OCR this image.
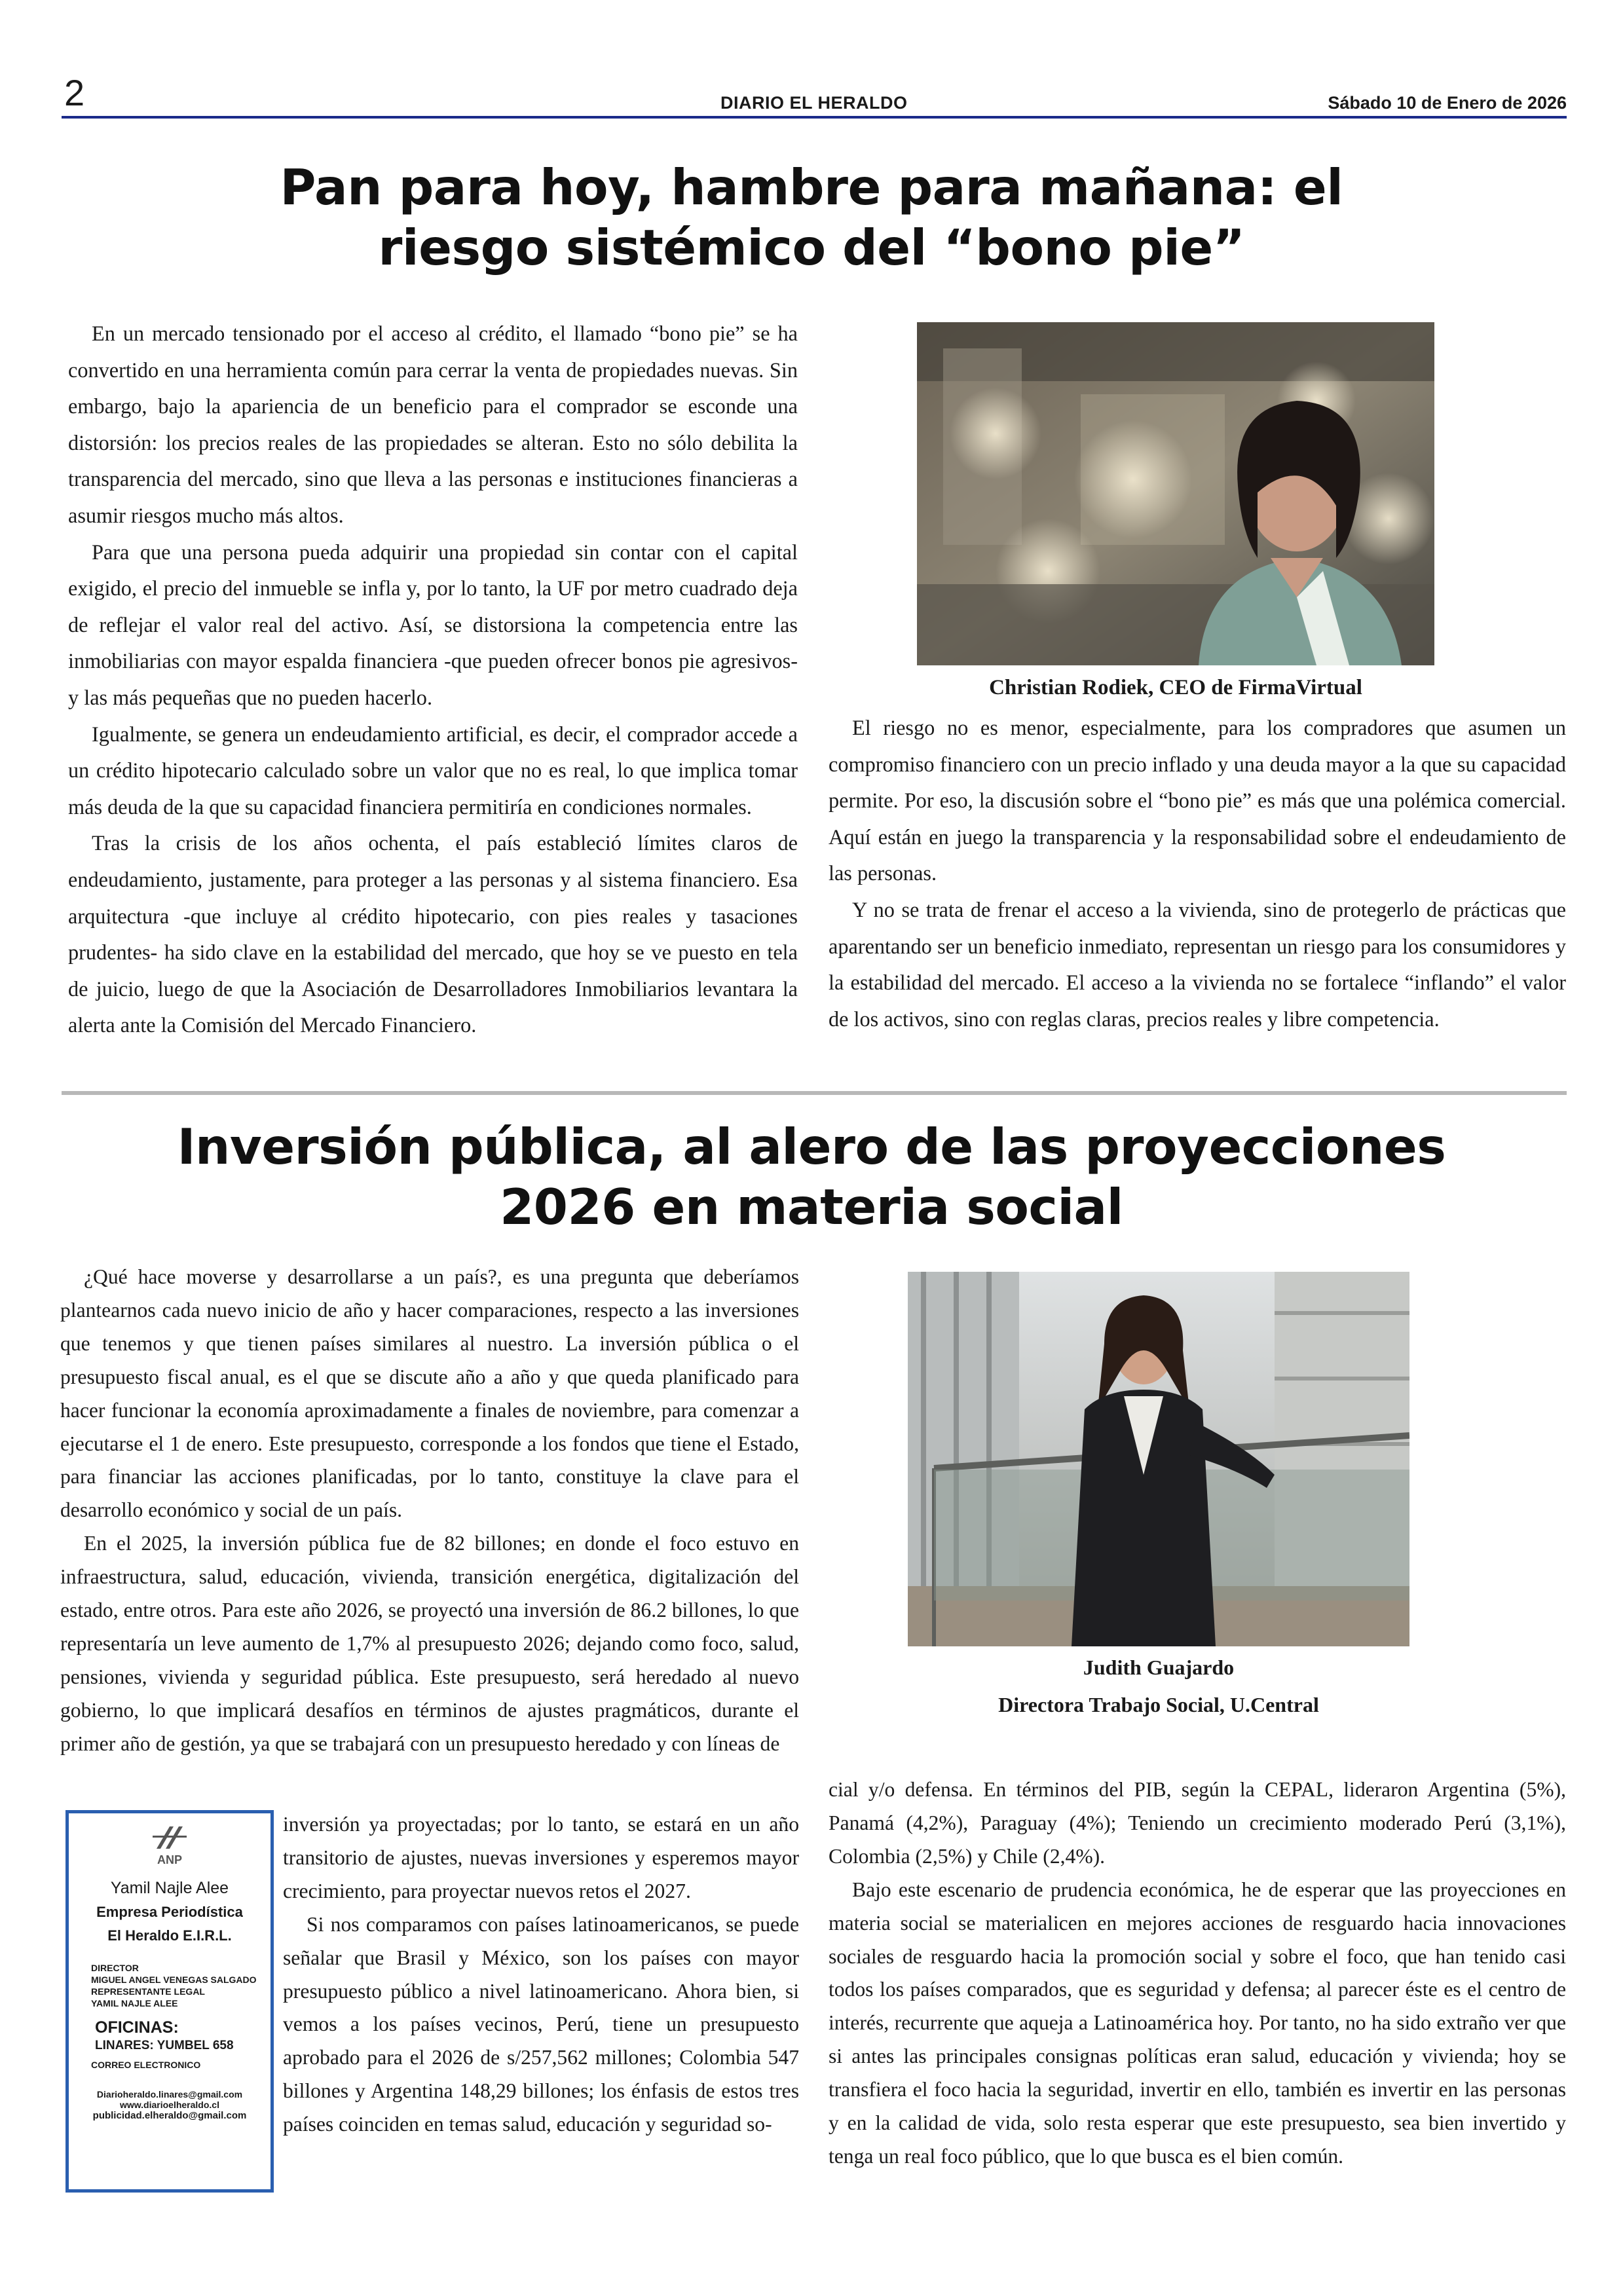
2	DIARIO EL HERALDO	Sábado 10 de Enero de 2026
Pan para hoy, hambre para mañana: el
riesgo sistémico del “bono pie”

En un mercado tensionado por el acceso al crédito, el llamado “bono pie” se ha convertido en una herramienta común para cerrar la venta de propiedades nuevas. Sin embargo, bajo la apariencia de un beneficio para el comprador se esconde una distorsión: los precios reales de las propiedades se alteran. Esto no sólo debilita la transparencia del mercado, sino que lleva a las personas e instituciones financieras a asumir riesgos mucho más altos.

Para que una persona pueda adquirir una propiedad sin contar con el capital exigido, el precio del inmueble se infla y, por lo tanto, la UF por metro cuadrado deja de reflejar el valor real del activo. Así, se distorsiona la competencia entre las inmobiliarias con mayor espalda financiera -que pueden ofrecer bonos pie agresivos- y las más pequeñas que no pueden hacerlo.

Igualmente, se genera un endeudamiento artificial, es decir, el comprador accede a un crédito hipotecario calculado sobre un valor que no es real, lo que implica tomar más deuda de la que su capacidad financiera permitiría en condiciones normales.

Tras la crisis de los años ochenta, el país estableció límites claros de endeudamiento, justamente, para proteger a las personas y al sistema financiero. Esa arquitectura -que incluye al crédito hipotecario, con pies reales y tasaciones prudentes- ha sido clave en la estabilidad del mercado, que hoy se ve puesto en tela de juicio, luego de que la Asociación de Desarrolladores Inmobiliarios levantara la alerta ante la Comisión del Mercado Financiero.

Christian Rodiek, CEO de FirmaVirtual

El riesgo no es menor, especialmente, para los compradores que asumen un compromiso financiero con un precio inflado y una deuda mayor a la que su capacidad permite. Por eso, la discusión sobre el “bono pie” es más que una polémica comercial. Aquí están en juego la transparencia y la responsabilidad sobre el endeudamiento de las personas.

Y no se trata de frenar el acceso a la vivienda, sino de protegerlo de prácticas que aparentando ser un beneficio inmediato, representan un riesgo para los consumidores y la estabilidad del mercado. El acceso a la vivienda no se fortalece “inflando” el valor de los activos, sino con reglas claras, precios reales y libre competencia.

Inversión pública, al alero de las proyecciones
2026 en materia social

¿Qué hace moverse y desarrollarse a un país?, es una pregunta que deberíamos plantearnos cada nuevo inicio de año y hacer comparaciones, respecto a las inversiones que tenemos y que tienen países similares al nuestro. La inversión pública o el presupuesto fiscal anual, es el que se discute año a año y que queda planificado para hacer funcionar la economía aproximadamente a finales de noviembre, para comenzar a ejecutarse el 1 de enero. Este presupuesto, corresponde a los fondos que tiene el Estado, para financiar las acciones planificadas, por lo tanto, constituye la clave para el desarrollo económico y social de un país.

En el 2025, la inversión pública fue de 82 billones; en donde el foco estuvo en infraestructura, salud, educación, vivienda, transición energética, digitalización del estado, entre otros. Para este año 2026, se proyectó una inversión de 86.2 billones, lo que representaría un leve aumento de 1,7% al presupuesto 2026; dejando como foco, salud, pensiones, vivienda y seguridad pública. Este presupuesto, será heredado al nuevo gobierno, lo que implicará desafíos en términos de ajustes pragmáticos, durante el primer año de gestión, ya que se trabajará con un presupuesto heredado y con líneas de

ANP
Yamil Najle Alee
Empresa Periodística
El Heraldo E.I.R.L.
DIRECTOR
MIGUEL ANGEL VENEGAS SALGADO
REPRESENTANTE LEGAL
YAMIL NAJLE ALEE
OFICINAS:
LINARES: YUMBEL 658
CORREO ELECTRONICO
Diarioheraldo.linares@gmail.com
www.diarioelheraldo.cl
publicidad.elheraldo@gmail.com

inversión ya proyectadas; por lo tanto, se estará en un año transitorio de ajustes, nuevas inversiones y esperemos mayor crecimiento, para proyectar nuevos retos el 2027.

Si nos comparamos con países latinoamericanos, se puede señalar que Brasil y México, son los países con mayor presupuesto público a nivel latinoamericano. Ahora bien, si vemos a los países vecinos, Perú, tiene un presupuesto aprobado para el 2026 de s/257,562 millones; Colombia 547 billones y Argentina 148,29 billones; los énfasis de estos tres países coinciden en temas salud, educación y seguridad so-

Judith Guajardo
Directora Trabajo Social, U.Central

cial y/o defensa. En términos del PIB, según la CEPAL, lideraron Argentina (5%), Panamá (4,2%), Paraguay (4%); Teniendo un crecimiento moderado Perú (3,1%), Colombia (2,5%) y Chile (2,4%).

Bajo este escenario de prudencia económica, he de esperar que las proyecciones en materia social se materialicen en mejores acciones de resguardo hacia innovaciones sociales de resguardo hacia la promoción social y sobre el foco, que han tenido casi todos los países comparados, que es seguridad y defensa; al parecer éste es el centro de interés, recurrente que aqueja a Latinoamérica hoy. Por tanto, no ha sido extraño ver que si antes las principales consignas políticas eran salud, educación y vivienda; hoy se transfiera el foco hacia la seguridad, invertir en ello, también es invertir en las personas y en la calidad de vida, solo resta esperar que este presupuesto, sea bien invertido y tenga un real foco público, que lo que busca es el bien común.
